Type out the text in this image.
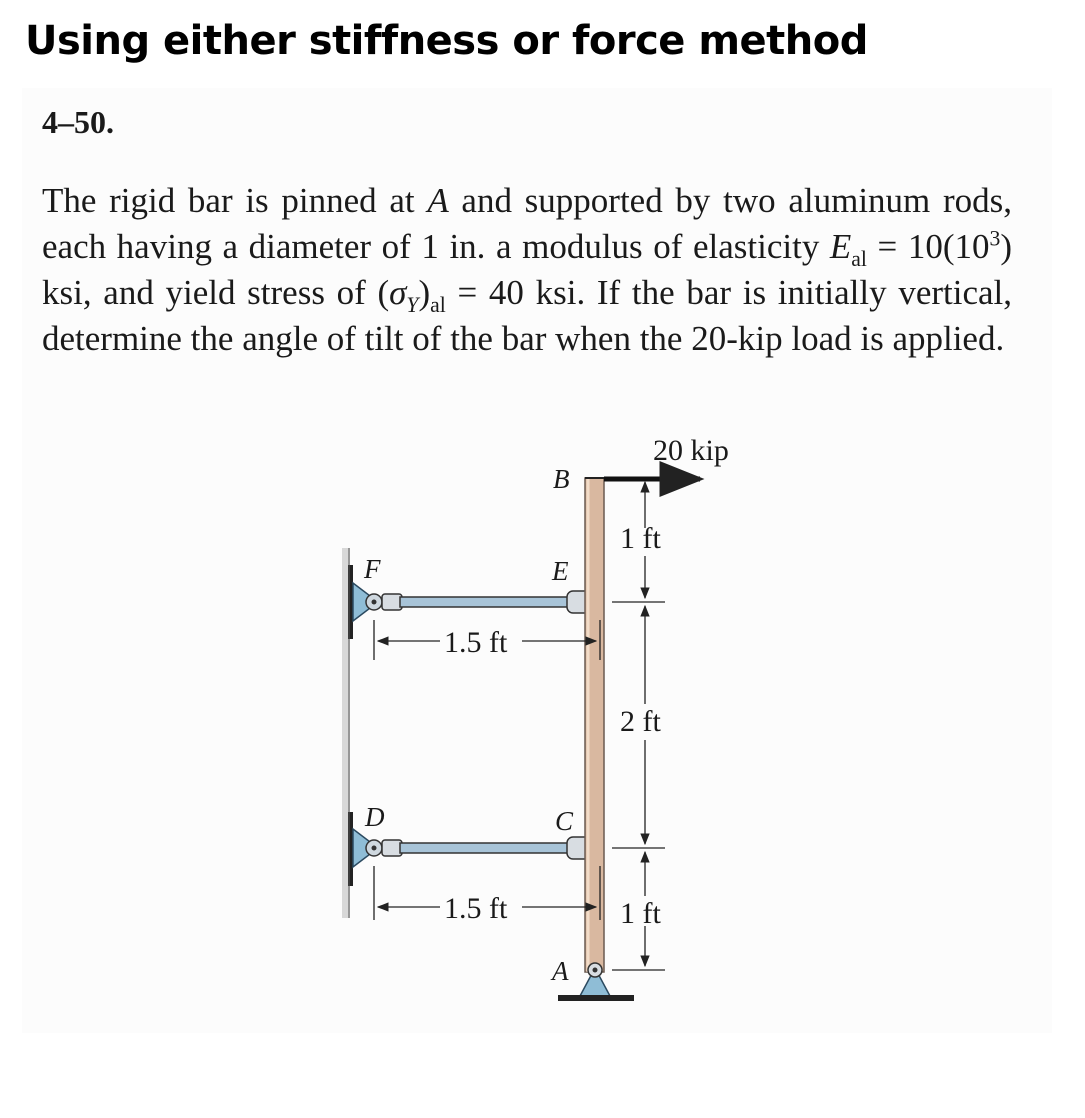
Using either stiffness or force method
4–50.
The rigid bar is pinned at A and supported by two aluminum rods, each having a diameter of 1 in. a modulus of elasticity $E_{al} = 10(10^3)$ ksi, and yield stress of $(\sigma_Y)_{al} = 40$ ksi. If the bar is initially vertical, determine the angle of tilt of the bar when the 20-kip load is applied.
20 kip
B
F	E
D	C
A
1 ft
2 ft
1 ft
1.5 ft
1.5 ft
